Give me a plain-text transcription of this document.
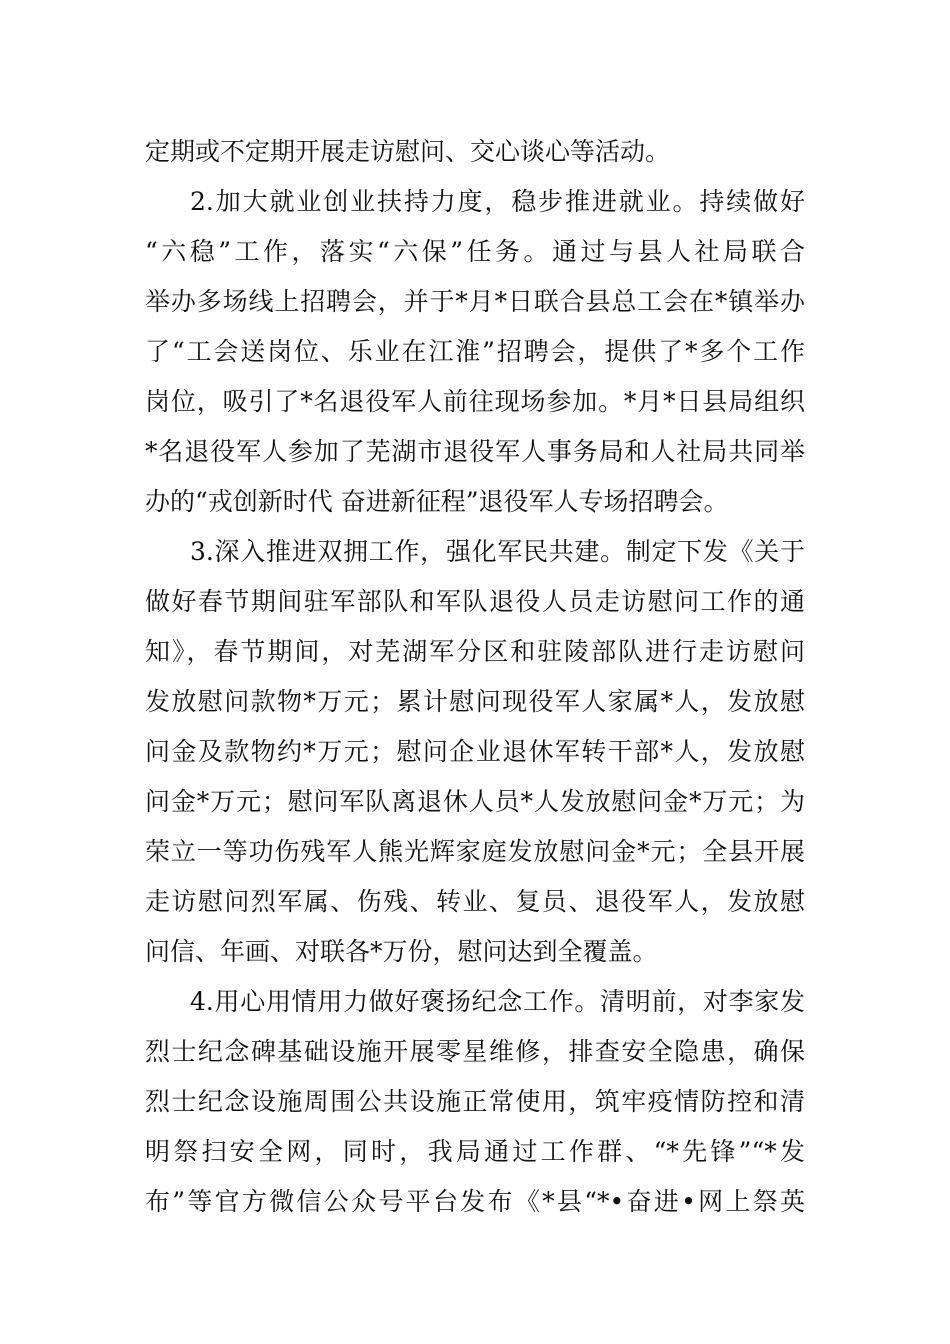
定期或不定期开展走访慰问、交心谈心等活动。
2.加大就业创业扶持力度，稳步推进就业。持续做好
“六稳”工作，落实“六保”任务。通过与县人社局联合
举办多场线上招聘会，并于*月*日联合县总工会在*镇举办
了“工会送岗位、乐业在江淮”招聘会，提供了*多个工作
岗位，吸引了*名退役军人前往现场参加。*月*日县局组织
*名退役军人参加了芜湖市退役军人事务局和人社局共同举
办的“戎创新时代 奋进新征程”退役军人专场招聘会。
3.深入推进双拥工作，强化军民共建。制定下发《关于
做好春节期间驻军部队和军队退役人员走访慰问工作的通
知》，春节期间，对芜湖军分区和驻陵部队进行走访慰问
发放慰问款物*万元；累计慰问现役军人家属*人，发放慰
问金及款物约*万元；慰问企业退休军转干部*人，发放慰
问金*万元；慰问军队离退休人员*人发放慰问金*万元；为
荣立一等功伤残军人熊光辉家庭发放慰问金*元；全县开展
走访慰问烈军属、伤残、转业、复员、退役军人，发放慰
问信、年画、对联各*万份，慰问达到全覆盖。
4.用心用情用力做好褒扬纪念工作。清明前，对李家发
烈士纪念碑基础设施开展零星维修，排查安全隐患，确保
烈士纪念设施周围公共设施正常使用，筑牢疫情防控和清
明祭扫安全网，同时，我局通过工作群、“*先锋”“*发
布”等官方微信公众号平台发布《*县“*•奋进•网上祭英
